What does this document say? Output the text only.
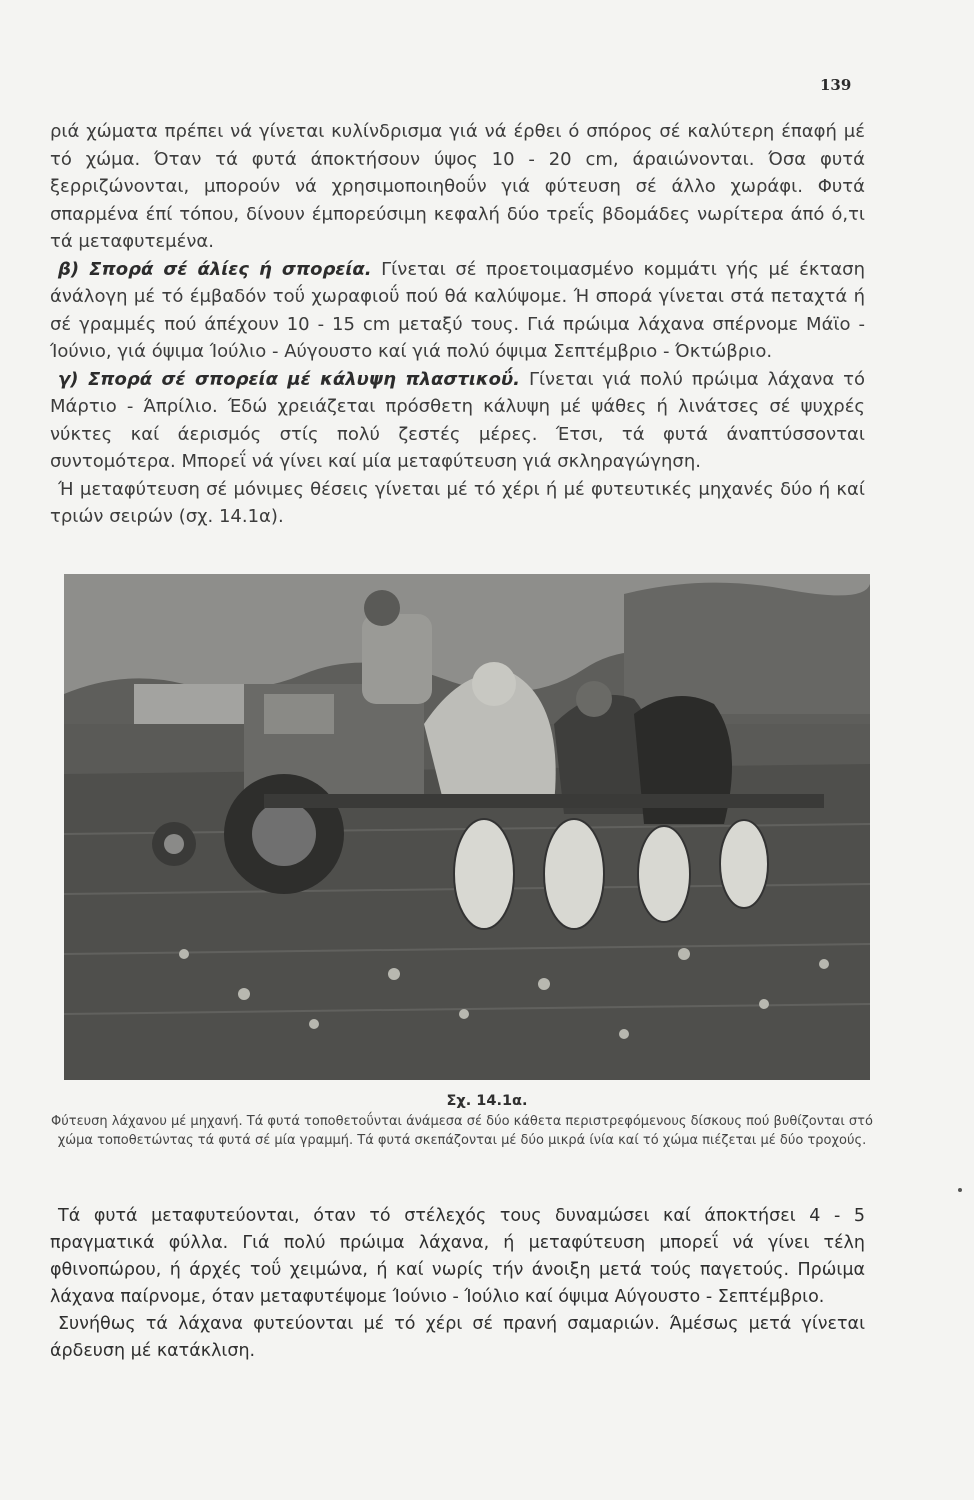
139

ριά χώματα πρέπει νά γίνεται κυλίνδρισμα γιά νά έρθει ό σπόρος σέ καλύτερη έπαφή μέ τό χώμα. Όταν τά φυτά άποκτήσουν ύψος 10 - 20 cm, άραιώνονται. Όσα φυτά ξερριζώνονται, μπορούν νά χρησιμοποιηθοΰν γιά φύτευση σέ άλλο χωράφι. Φυτά σπαρμένα έπί τόπου, δίνουν έμπορεύσιμη κεφαλή δύο τρεΐς βδομάδες νωρίτερα άπό ό,τι τά μεταφυτεμένα.

β) Σπορά σέ άλίες ή σπορεία. Γίνεται σέ προετοιμασμένο κομμάτι γής μέ έκταση άνάλογη μέ τό έμβαδόν τοΰ χωραφιοΰ πού θά καλύψομε. Ή σπορά γίνεται στά πεταχτά ή σέ γραμμές πού άπέχουν 10 - 15 cm μεταξύ τους. Γιά πρώιμα λάχανα σπέρνομε Μάϊο - Ίούνιο, γιά όψιμα Ίούλιο - Αύγουστο καί γιά πολύ όψιμα Σεπτέμβριο - Όκτώβριο.

γ) Σπορά σέ σπορεία μέ κάλυψη πλαστικοΰ. Γίνεται γιά πολύ πρώιμα λάχανα τό Μάρτιο - Άπρίλιο. Έδώ χρειάζεται πρόσθετη κάλυψη μέ ψάθες ή λινάτσες σέ ψυχρές νύκτες καί άερισμός στίς πολύ ζεστές μέρες. Έτσι, τά φυτά άναπτύσσονται συντομότερα. Μπορεΐ νά γίνει καί μία μεταφύτευση γιά σκληραγώγηση.

Ή μεταφύτευση σέ μόνιμες θέσεις γίνεται μέ τό χέρι ή μέ φυτευτικές μηχανές δύο ή καί τριών σειρών (σχ. 14.1α).

Σχ. 14.1α.
Φύτευση λάχανου μέ μηχανή. Τά φυτά τοποθετοΰνται άνάμεσα σέ δύο κάθετα περιστρεφόμενους δίσκους πού βυθίζονται στό χώμα τοποθετώντας τά φυτά σέ μία γραμμή. Τά φυτά σκεπάζονται μέ δύο μικρά ίνία καί τό χώμα πιέζεται μέ δύο τροχούς.

Τά φυτά μεταφυτεύονται, όταν τό στέλεχός τους δυναμώσει καί άποκτήσει 4 - 5 πραγματικά φύλλα. Γιά πολύ πρώιμα λάχανα, ή μεταφύτευση μπορεΐ νά γίνει τέλη φθινοπώρου, ή άρχές τοΰ χειμώνα, ή καί νωρίς τήν άνοιξη μετά τούς παγετούς. Πρώιμα λάχανα παίρνομε, όταν μεταφυτέψομε Ίούνιο - Ίούλιο καί όψιμα Αύγουστο - Σεπτέμβριο.

Συνήθως τά λάχανα φυτεύονται μέ τό χέρι σέ πρανή σαμαριών. Άμέσως μετά γίνεται άρδευση μέ κατάκλιση.
